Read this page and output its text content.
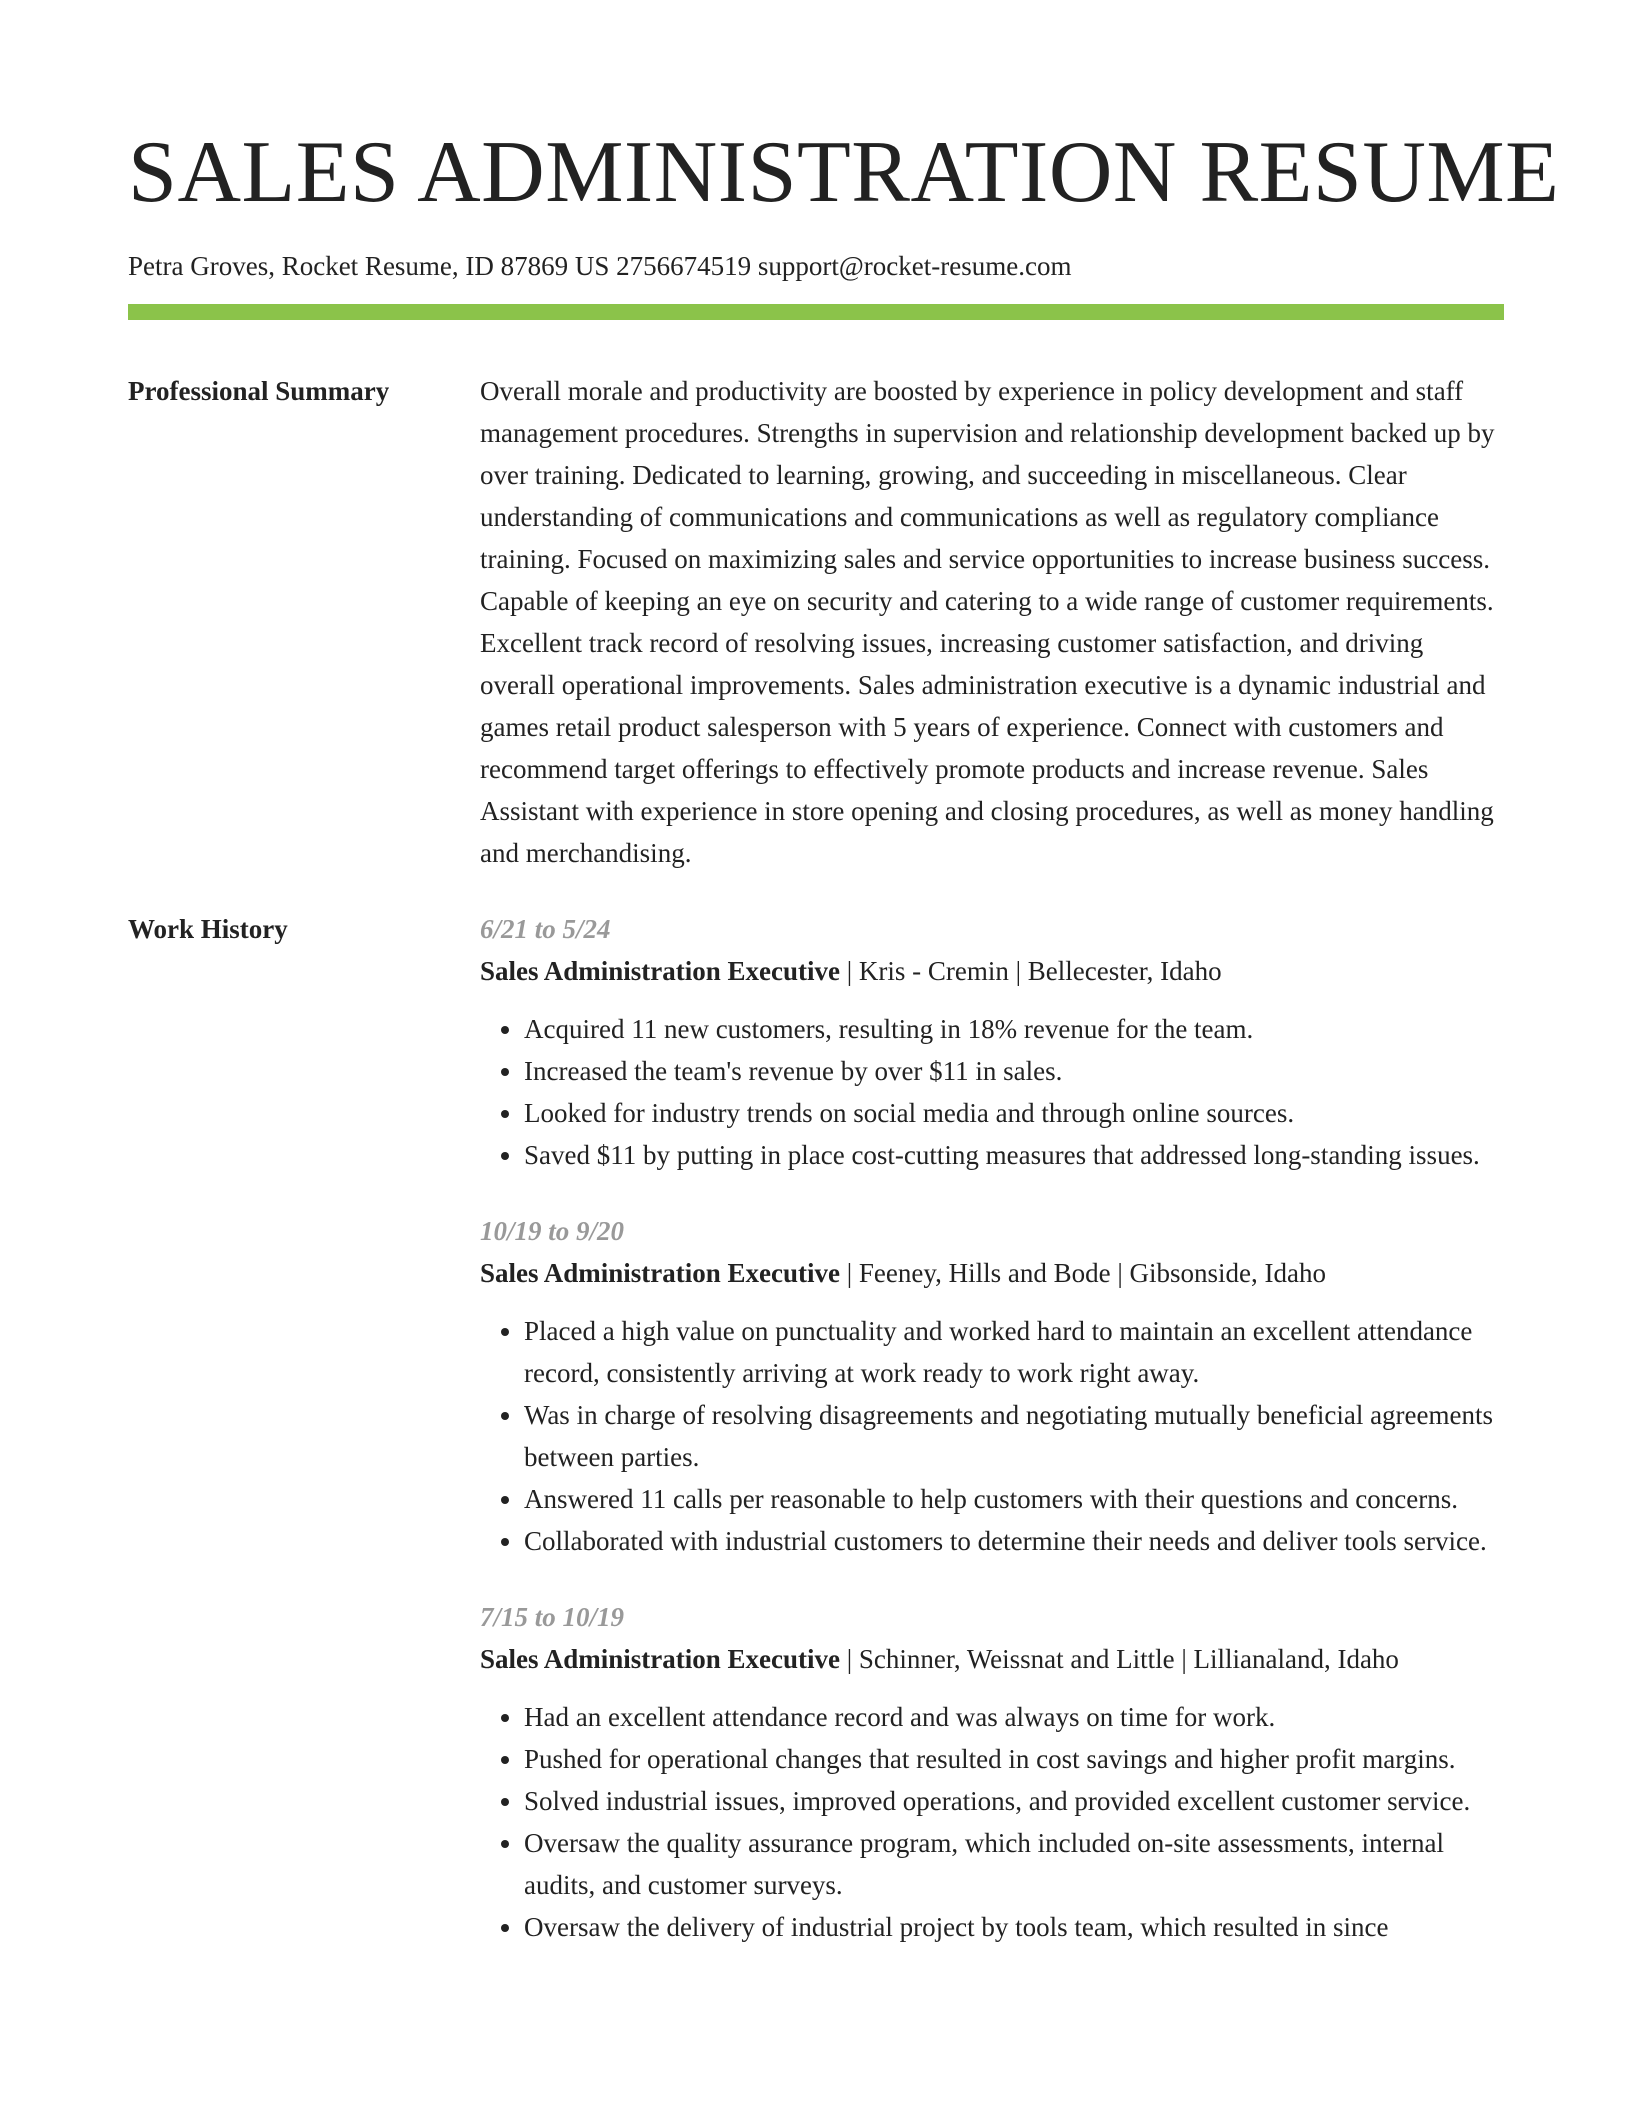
SALES ADMINISTRATION RESUME
Petra Groves, Rocket Resume, ID 87869 US 2756674519 support@rocket-resume.com
Professional Summary	Overall morale and productivity are boosted by experience in policy development and staff management procedures. Strengths in supervision and relationship development backed up by over training. Dedicated to learning, growing, and succeeding in miscellaneous. Clear understanding of communications and communications as well as regulatory compliance training. Focused on maximizing sales and service opportunities to increase business success. Capable of keeping an eye on security and catering to a wide range of customer requirements. Excellent track record of resolving issues, increasing customer satisfaction, and driving overall operational improvements. Sales administration executive is a dynamic industrial and games retail product salesperson with 5 years of experience. Connect with customers and recommend target offerings to effectively promote products and increase revenue. Sales Assistant with experience in store opening and closing procedures, as well as money handling and merchandising.

Work History	6/21 to 5/24
Sales Administration Executive | Kris - Cremin | Bellecester, Idaho
• Acquired 11 new customers, resulting in 18% revenue for the team.
• Increased the team's revenue by over $11 in sales.
• Looked for industry trends on social media and through online sources.
• Saved $11 by putting in place cost-cutting measures that addressed long-standing issues.
10/19 to 9/20
Sales Administration Executive | Feeney, Hills and Bode | Gibsonside, Idaho
• Placed a high value on punctuality and worked hard to maintain an excellent attendance record, consistently arriving at work ready to work right away.
• Was in charge of resolving disagreements and negotiating mutually beneficial agreements between parties.
• Answered 11 calls per reasonable to help customers with their questions and concerns.
• Collaborated with industrial customers to determine their needs and deliver tools service.
7/15 to 10/19
Sales Administration Executive | Schinner, Weissnat and Little | Lillianaland, Idaho
• Had an excellent attendance record and was always on time for work.
• Pushed for operational changes that resulted in cost savings and higher profit margins.
• Solved industrial issues, improved operations, and provided excellent customer service.
• Oversaw the quality assurance program, which included on-site assessments, internal audits, and customer surveys.
• Oversaw the delivery of industrial project by tools team, which resulted in since
